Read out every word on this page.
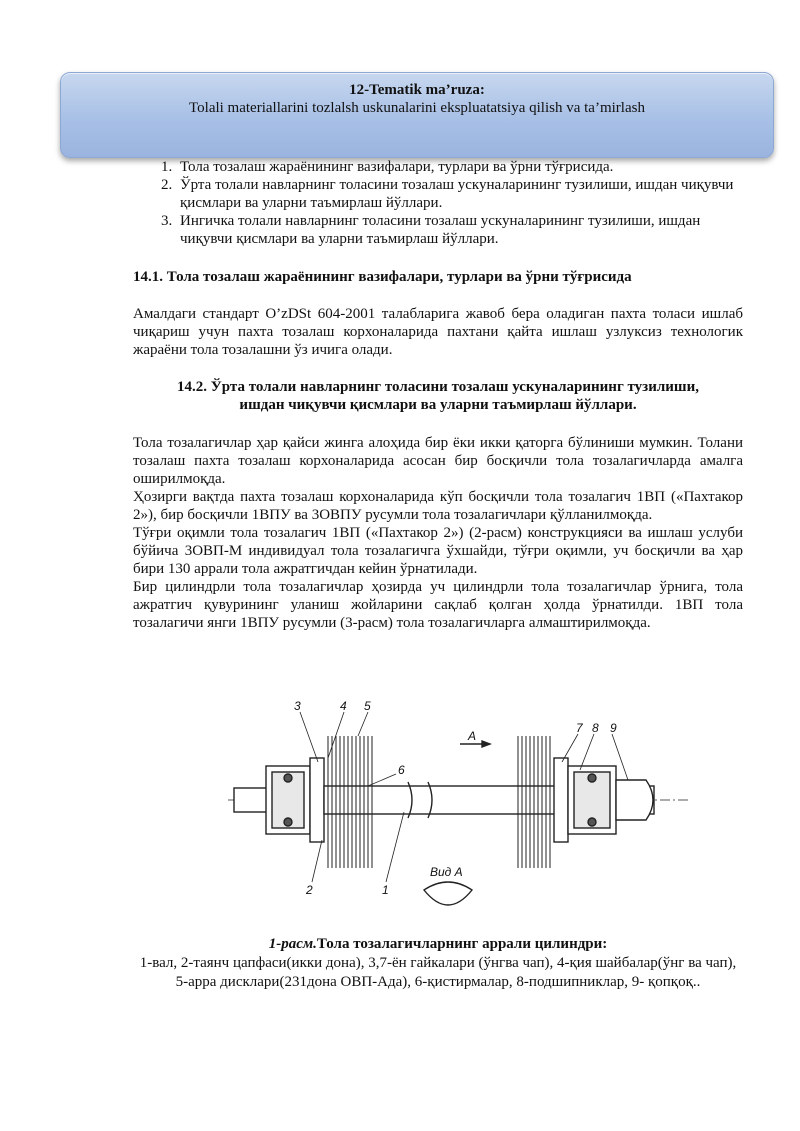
12-Tematik ma’ruza:
Tolali materiallarini tozlalsh uskunalarini ekspluatatsiya qilish va ta’mirlash
1. Тола тозалаш жараёнининг вазифалари, турлари ва ўрни тўғрисида.
2. Ўрта толали навларнинг толасини тозалаш ускуналарининг тузилиши, ишдан чиқувчи қисмлари ва уларни таъмирлаш йўллари.
3. Ингичка толали навларнинг толасини тозалаш ускуналарининг тузилиши, ишдан чиқувчи қисмлари ва уларни таъмирлаш йўллари.
14.1. Тола тозалаш жараёнининг вазифалари, турлари ва ўрни тўғрисида

Амалдаги стандарт O’zDSt 604-2001 талабларига жавоб бера оладиган пахта толаси ишлаб чиқариш учун пахта тозалаш корхоналарида пахтани қайта ишлаш узлуксиз технологик жараёни тола тозалашни ўз ичига олади.

14.2. Ўрта толали навларнинг толасини тозалаш ускуналарининг тузилиши,
ишдан чиқувчи қисмлари ва уларни таъмирлаш йўллари.

Тола тозалагичлар ҳар қайси жинга алоҳида бир ёки икки қаторга бўлиниши мумкин. Толани тозалаш пахта тозалаш корхоналарида асосан бир босқичли тола тозалагичларда амалга оширилмоқда.

Ҳозирги вақтда пахта тозалаш корхоналарида кўп босқичли тола тозалагич 1ВП («Пахтакор 2»), бир босқичли 1ВПУ ва 3ОВПУ русумли тола тозалагичлари қўлланилмоқда.

Тўғри оқимли тола тозалагич 1ВП («Пахтакор 2») (2-расм) конструкцияси ва ишлаш услуби бўйича 3ОВП-М индивидуал тола тозалагичга ўхшайди, тўғри оқимли, уч босқичли ва ҳар бири 130 аррали тола ажратгичдан кейин ўрнатилади.

Бир цилиндрли тола тозалагичлар ҳозирда уч цилиндрли тола тозалагичлар ўрнига, тола ажратгич қувурининг уланиш жойларини сақлаб қолган ҳолда ўрнатилди. 1ВП тола тозалагичи янги 1ВПУ русумли (3-расм) тола тозалагичларга алмаштирилмоқда.

3	4 5
6
7 8 9
2	1
А
Вид А
1-расм.Тола тозалагичларнинг аррали цилиндри:
1-вал, 2-таянч цапфаси(икки дона), 3,7-ён гайкалари (ўнгва чап), 4-қия шайбалар(ўнг ва чап), 5-арра дисклари(231дона ОВП-Ада), 6-қистирмалар, 8-подшипниклар, 9- қопқоқ..
